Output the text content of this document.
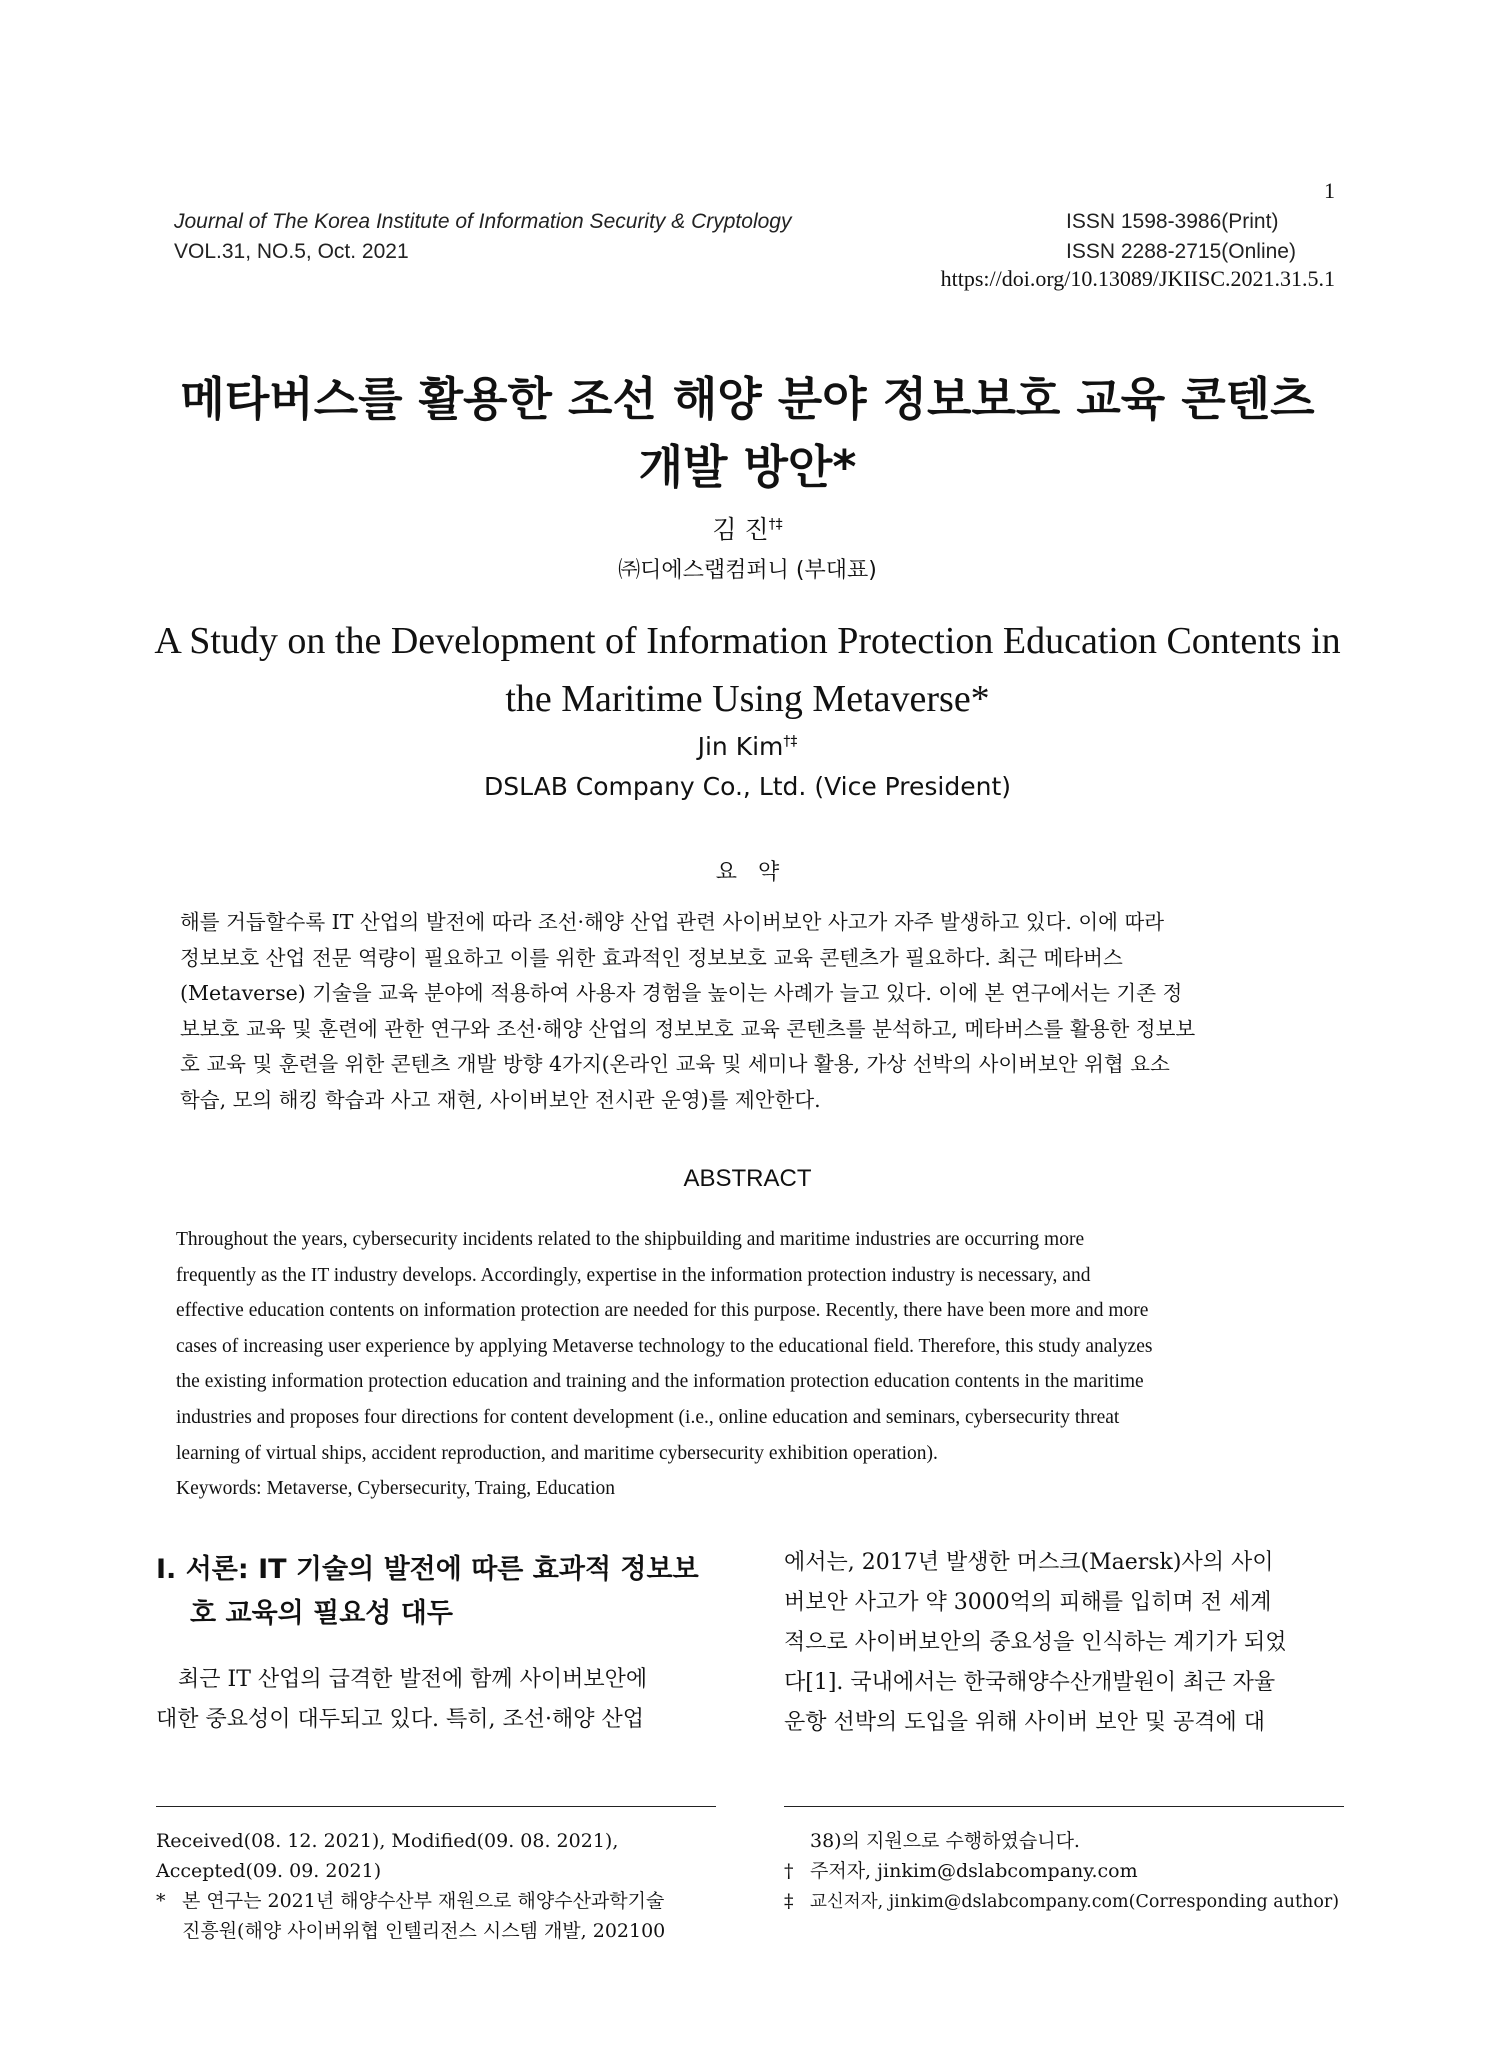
1
Journal of The Korea Institute of Information Security & Cryptology
VOL.31, NO.5, Oct. 2021
ISSN 1598-3986(Print)
ISSN 2288-2715(Online)
https://doi.org/10.13089/JKIISC.2021.31.5.1
메타버스를 활용한 조선 해양 분야 정보보호 교육 콘텐츠
개발 방안*
김 진†‡
㈜디에스랩컴퍼니 (부대표)
A Study on the Development of Information Protection Education Contents in
the Maritime Using Metaverse*
Jin Kim†‡
DSLAB Company Co., Ltd. (Vice President)
요   약
해를 거듭할수록 IT 산업의 발전에 따라 조선·해양 산업 관련 사이버보안 사고가 자주 발생하고 있다. 이에 따라
정보보호 산업 전문 역량이 필요하고 이를 위한 효과적인 정보보호 교육 콘텐츠가 필요하다. 최근 메타버스
(Metaverse) 기술을 교육 분야에 적용하여 사용자 경험을 높이는 사례가 늘고 있다. 이에 본 연구에서는 기존 정
보보호 교육 및 훈련에 관한 연구와 조선·해양 산업의 정보보호 교육 콘텐츠를 분석하고, 메타버스를 활용한 정보보
호 교육 및 훈련을 위한 콘텐츠 개발 방향 4가지(온라인 교육 및 세미나 활용, 가상 선박의 사이버보안 위협 요소
학습, 모의 해킹 학습과 사고 재현, 사이버보안 전시관 운영)를 제안한다.
ABSTRACT
Throughout the years, cybersecurity incidents related to the shipbuilding and maritime industries are occurring more
frequently as the IT industry develops. Accordingly, expertise in the information protection industry is necessary, and
effective education contents on information protection are needed for this purpose. Recently, there have been more and more
cases of increasing user experience by applying Metaverse technology to the educational field. Therefore, this study analyzes
the existing information protection education and training and the information protection education contents in the maritime
industries and proposes four directions for content development (i.e., online education and seminars, cybersecurity threat
learning of virtual ships, accident reproduction, and maritime cybersecurity exhibition operation).
Keywords: Metaverse, Cybersecurity, Traing, Education
I. 서론: IT 기술의 발전에 따른 효과적 정보보
호 교육의 필요성 대두
최근 IT 산업의 급격한 발전에 함께 사이버보안에
대한 중요성이 대두되고 있다. 특히, 조선·해양 산업
에서는, 2017년 발생한 머스크(Maersk)사의 사이
버보안 사고가 약 3000억의 피해를 입히며 전 세계
적으로 사이버보안의 중요성을 인식하는 계기가 되었
다[1]. 국내에서는 한국해양수산개발원이 최근 자율
운항 선박의 도입을 위해 사이버 보안 및 공격에 대
Received(08. 12. 2021), Modified(09. 08. 2021),
Accepted(09. 09. 2021)
* 본 연구는 2021년 해양수산부 재원으로 해양수산과학기술
진흥원(해양 사이버위협 인텔리전스 시스템 개발, 202100
38)의 지원으로 수행하였습니다.
† 주저자, jinkim@dslabcompany.com
‡ 교신저자, jinkim@dslabcompany.com(Corresponding author)
